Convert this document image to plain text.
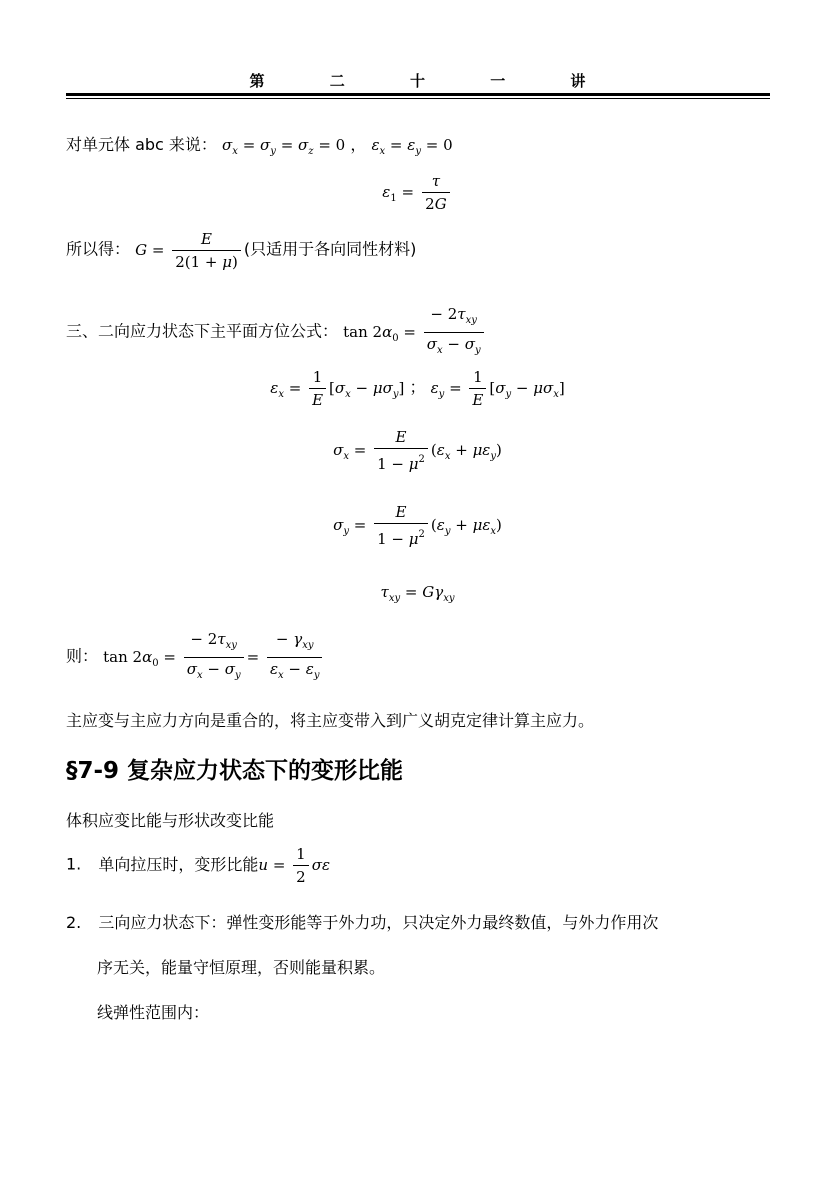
第 二 十 一 讲
对单元体 abc 来说： $\sigma_x = \sigma_y = \sigma_z = 0$ ， $\varepsilon_x = \varepsilon_y = 0$
$\varepsilon_1 = \frac{\tau}{2G}$
所以得： $G = \frac{E}{2(1 + \mu)}$ (只适用于各向同性材料)
三、二向应力状态下主平面方位公式： $\tan 2\alpha_0 = \frac{- 2\tau_{xy}}{\sigma_x - \sigma_y}$
$\varepsilon_x = \frac{1}{E} [\sigma_x - \mu\sigma_y]$ ； $\varepsilon_y = \frac{1}{E} [\sigma_y - \mu\sigma_x]$
$\sigma_x = \frac{E}{1 - \mu^2} (\varepsilon_x + \mu\varepsilon_y)$
$\sigma_y = \frac{E}{1 - \mu^2} (\varepsilon_y + \mu\varepsilon_x)$
$\tau_{xy} = G\gamma_{xy}$
则： $\tan 2\alpha_0 = \frac{- 2\tau_{xy}}{\sigma_x - \sigma_y} = \frac{- \gamma_{xy}}{\varepsilon_x - \varepsilon_y}$
主应变与主应力方向是重合的，将主应变带入到广义胡克定律计算主应力。
§7-9 复杂应力状态下的变形比能
体积应变比能与形状改变比能
1. 单向拉压时，变形比能$u = \frac{1}{2}$ σε
2. 三向应力状态下：弹性变形能等于外力功，只决定外力最终数值，与外力作用次
序无关，能量守恒原理，否则能量积累。
线弹性范围内：
